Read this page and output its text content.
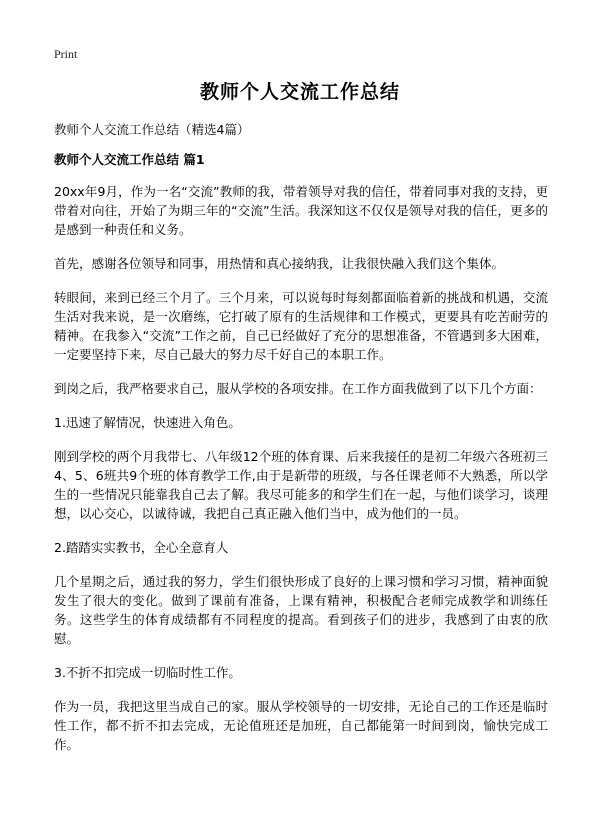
Print
教师个人交流工作总结
教师个人交流工作总结（精选4篇）
教师个人交流工作总结 篇1

20xx年9月，作为一名“交流”教师的我，带着领导对我的信任，带着同事对我的支持，更带着对向往，开始了为期三年的“交流”生活。我深知这不仅仅是领导对我的信任，更多的是感到一种责任和义务。

首先，感谢各位领导和同事，用热情和真心接纳我，让我很快融入我们这个集体。

转眼间，来到已经三个月了。三个月来，可以说每时每刻都面临着新的挑战和机遇，交流生活对我来说，是一次磨练，它打破了原有的生活规律和工作模式，更要具有吃苦耐劳的精神。在我参入“交流”工作之前，自己已经做好了充分的思想准备，不管遇到多大困难，一定要坚持下来，尽自己最大的努力尽千好自己的本职工作。

到岗之后，我严格要求自己，服从学校的各项安排。在工作方面我做到了以下几个方面：

1.迅速了解情况，快速进入角色。

刚到学校的两个月我带七、八年级12个班的体育课、后来我接任的是初二年级六各班初三4、5、6班共9个班的体育教学工作,由于是新带的班级，与各任课老师不大熟悉，所以学生的一些情况只能靠我自己去了解。我尽可能多的和学生们在一起，与他们谈学习，谈理想，以心交心，以诚待诚，我把自己真正融入他们当中，成为他们的一员。

2.踏踏实实教书，全心全意育人

几个星期之后，通过我的努力，学生们很快形成了良好的上课习惯和学习习惯，精神面貌发生了很大的变化。做到了课前有准备，上课有精神，积极配合老师完成教学和训练任务。这些学生的体育成绩都有不同程度的提高。看到孩子们的进步，我感到了由衷的欣慰。

3.不折不扣完成一切临时性工作。

作为一员，我把这里当成自己的家。服从学校领导的一切安排，无论自己的工作还是临时性工作，都不折不扣去完成，无论值班还是加班，自己都能第一时间到岗，愉快完成工作。
